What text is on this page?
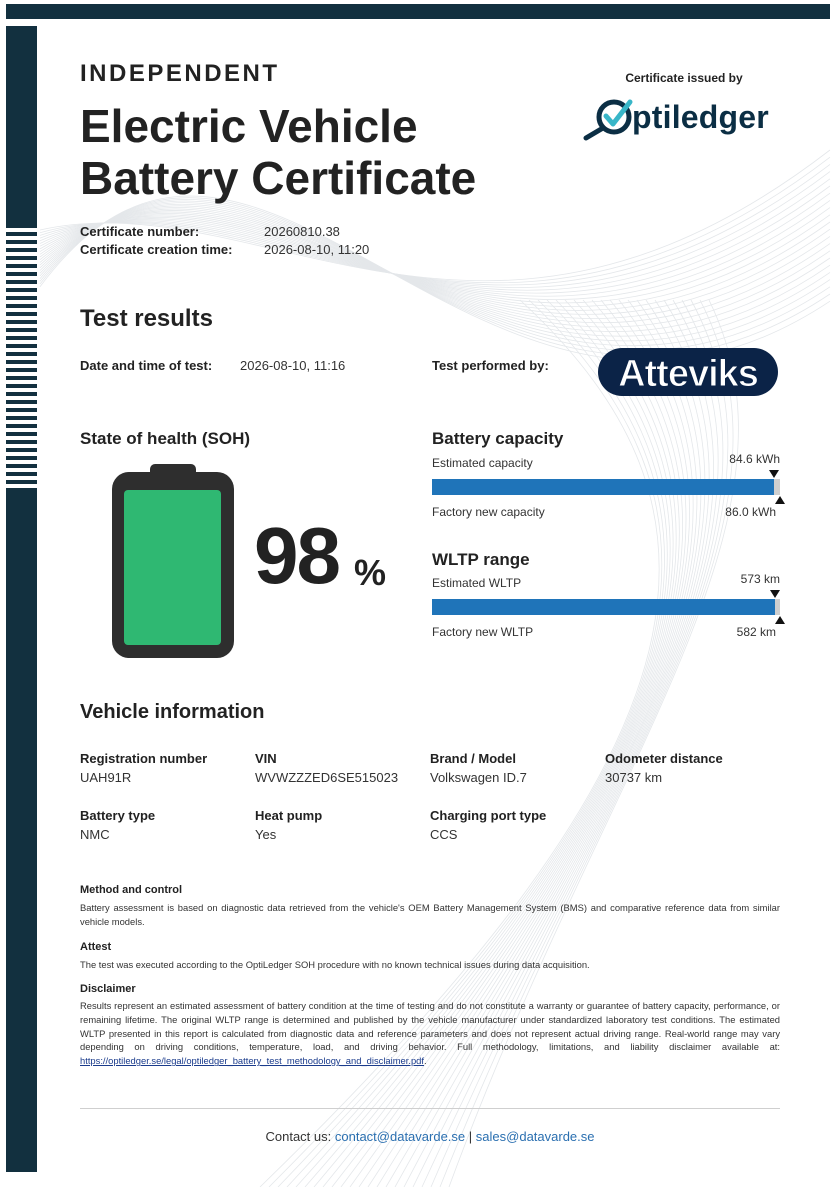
INDEPENDENT
Electric Vehicle
Battery Certificate
Certificate issued by
ptiledger
Certificate number:	20260810.38
Certificate creation time: 2026-08-10, 11:20
Test results
Date and time of test: 2026-08-10, 11:16	Test performed by: Atteviks
State of health (SOH)
98 %
Battery capacity
Estimated capacity	84.6 kWh
Factory new capacity	86.0 kWh
WLTP range
Estimated WLTP	573 km
Factory new WLTP	582 km
Vehicle information
Registration number
UAH91R
VIN
WVWZZZED6SE515023
Brand / Model
Volkswagen ID.7
Odometer distance
30737 km
Battery type
NMC
Heat pump
Yes
Charging port type
CCS
Method and control
Battery assessment is based on diagnostic data retrieved from the vehicle's OEM Battery Management System (BMS) and comparative reference data from similar vehicle models.
Attest
The test was executed according to the OptiLedger SOH procedure with no known technical issues during data acquisition.
Disclaimer
Results represent an estimated assessment of battery condition at the time of testing and do not constitute a warranty or guarantee of battery capacity, performance, or remaining lifetime. The original WLTP range is determined and published by the vehicle manufacturer under standardized laboratory test conditions. The estimated WLTP presented in this report is calculated from diagnostic data and reference parameters and does not represent actual driving range. Real-world range may vary depending on driving conditions, temperature, load, and driving behavior. Full methodology, limitations, and liability disclaimer available at: https://optiledger.se/legal/optiledger_battery_test_methodology_and_disclaimer.pdf.
Contact us: contact@datavarde.se | sales@datavarde.se
